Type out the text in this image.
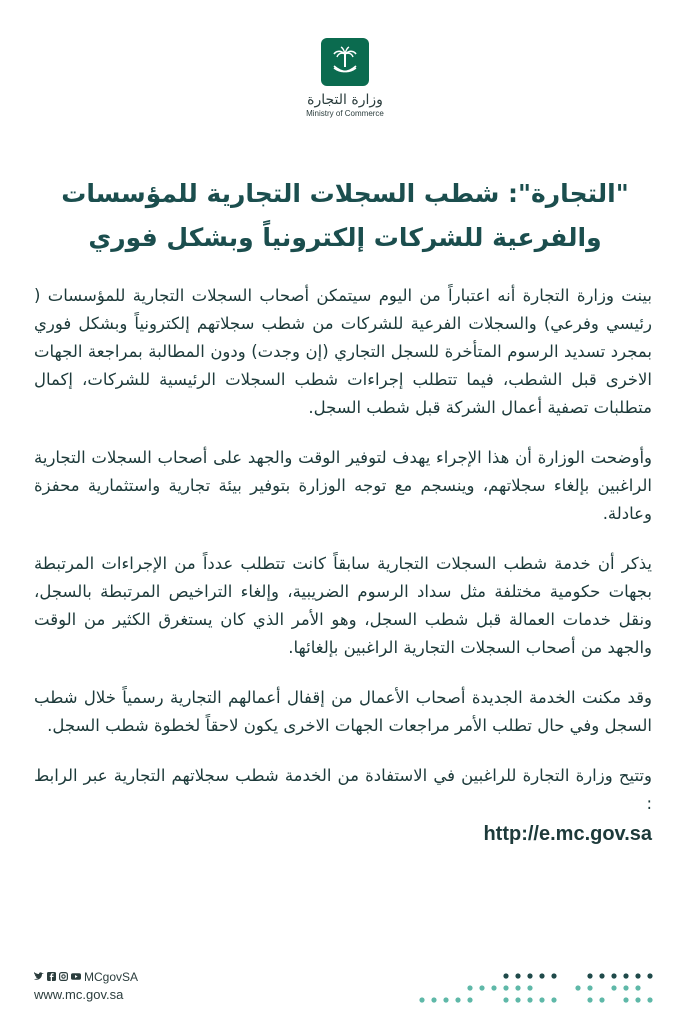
وزارة التجارة
Ministry of Commerce
"التجارة": شطب السجلات التجارية للمؤسسات والفرعية للشركات إلكترونياً وبشكل فوري

بينت وزارة التجارة أنه اعتباراً من اليوم سيتمكن أصحاب السجلات التجارية للمؤسسات ( رئيسي وفرعي) والسجلات الفرعية للشركات من شطب سجلاتهم إلكترونياً وبشكل فوري بمجرد تسديد الرسوم المتأخرة للسجل التجاري (إن وجدت) ودون المطالبة بمراجعة الجهات الاخرى قبل الشطب، فيما تتطلب إجراءات شطب السجلات الرئيسية للشركات، إكمال متطلبات تصفية أعمال الشركة قبل شطب السجل.

وأوضحت الوزارة أن هذا الإجراء يهدف لتوفير الوقت والجهد على أصحاب السجلات التجارية الراغبين بإلغاء سجلاتهم، وينسجم مع توجه الوزارة بتوفير بيئة تجارية واستثمارية محفزة وعادلة.

يذكر أن خدمة شطب السجلات التجارية سابقاً كانت تتطلب عدداً من الإجراءات المرتبطة بجهات حكومية مختلفة مثل سداد الرسوم الضريبية، وإلغاء التراخيص المرتبطة بالسجل، ونقل خدمات العمالة قبل شطب السجل، وهو الأمر الذي كان يستغرق الكثير من الوقت والجهد من أصحاب السجلات التجارية الراغبين بإلغائها.

وقد مكنت الخدمة الجديدة أصحاب الأعمال من إقفال أعمالهم التجارية رسمياً خلال شطب السجل وفي حال تطلب الأمر مراجعات الجهات الاخرى يكون لاحقاً لخطوة شطب السجل.

وتتيح وزارة التجارة للراغبين في الاستفادة من الخدمة شطب سجلاتهم التجارية عبر الرابط :

http://e.mc.gov.sa
MCgovSA
www.mc.gov.sa
